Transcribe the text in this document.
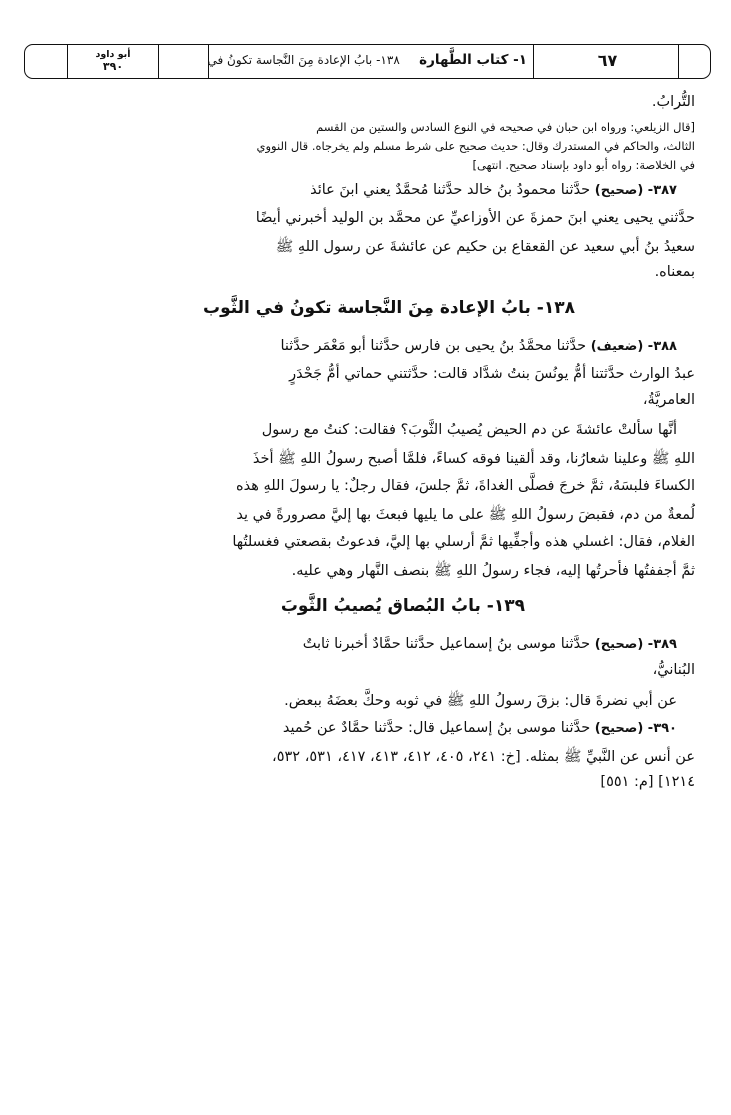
أبو داود
٣٩٠	١- كتاب الطَّهارة  ١٣٨- بابُ الإعادة مِنَ النَّجاسة تكونُ في	٦٧
التُّرابُ.
[قال الزيلعي: ورواه ابن حبان في صحيحه في النوع السادس والستين من القسم
الثالث، والحاكم في المستدرك وقال: حديث صحيح على شرط مسلم ولم يخرجاه. قال النووي
في الخلاصة: رواه أبو داود بإسناد صحيح. انتهى]
٣٨٧- (صحيح) حدَّثنا محمودُ بنُ خالد حدَّثنا مُحمَّدٌ يعني ابنَ عائذ
حدَّثني يحيى يعني ابنَ حمزةَ عن الأوزاعيِّ عن محمَّد بن الوليد أخبرني أيضًا
سعيدُ بنُ أبي سعيد عن القعقاع بن حكيم عن عائشةَ عن رسول اللهِ ﷺ
بمعناه.
١٣٨- بابُ الإعادة مِنَ النَّجاسة تكونُ في الثَّوب
٣٨٨- (ضعيف) حدَّثنا محمَّدُ بنُ يحيى بن فارس حدَّثنا أبو مَعْمَر حدَّثنا
عبدُ الوارث حدَّثتنا أمُّ يونُسَ بنتُ شدَّاد قالت: حدَّثتني حماتي أمُّ جَحْدَرٍ
العامريَّةُ،
أنَّها سألتْ عائشةَ عن دم الحيض يُصيبُ الثَّوبَ؟ فقالت: كنتُ مع رسول
اللهِ ﷺ وعلينا شعارُنا، وقد ألقينا فوقه كساءً، فلمَّا أصبح رسولُ اللهِ ﷺ أخذَ
الكساءَ فلبسَهُ، ثمَّ خرجَ فصلَّى الغداةَ، ثمَّ جلسَ، فقال رجلٌ: يا رسولَ اللهِ هذه
لُمعةٌ من دم، فقبضَ رسولُ اللهِ ﷺ على ما يليها فبعثَ بها إليَّ مصرورةً في يد
الغلام، فقال: اغسلي هذه وأجفِّيها ثمَّ أرسلي بها إليَّ، فدعوتُ بقصعتي فغسلتُها
ثمَّ أجففتُها فأحرتُها إليه، فجاء رسولُ اللهِ ﷺ بنصف النَّهار وهي عليه.
١٣٩- بابُ البُصاق يُصيبُ الثَّوبَ
٣٨٩- (صحيح) حدَّثنا موسى بنُ إسماعيل حدَّثنا حمَّادٌ أخبرنا ثابتٌ
البُنانيُّ،
عن أبي نضرةَ قال: بزقَ رسولُ اللهِ ﷺ في ثوبه وحكَّ بعضَهُ ببعض.
٣٩٠- (صحيح) حدَّثنا موسى بنُ إسماعيل قال: حدَّثنا حمَّادٌ عن حُميد
عن أنس عن النَّبيِّ ﷺ بمثله. [خ: ٢٤١، ٤٠٥، ٤١٢، ٤١٣، ٤١٧، ٥٣١، ٥٣٢،
١٢١٤] [م: ٥٥١]
